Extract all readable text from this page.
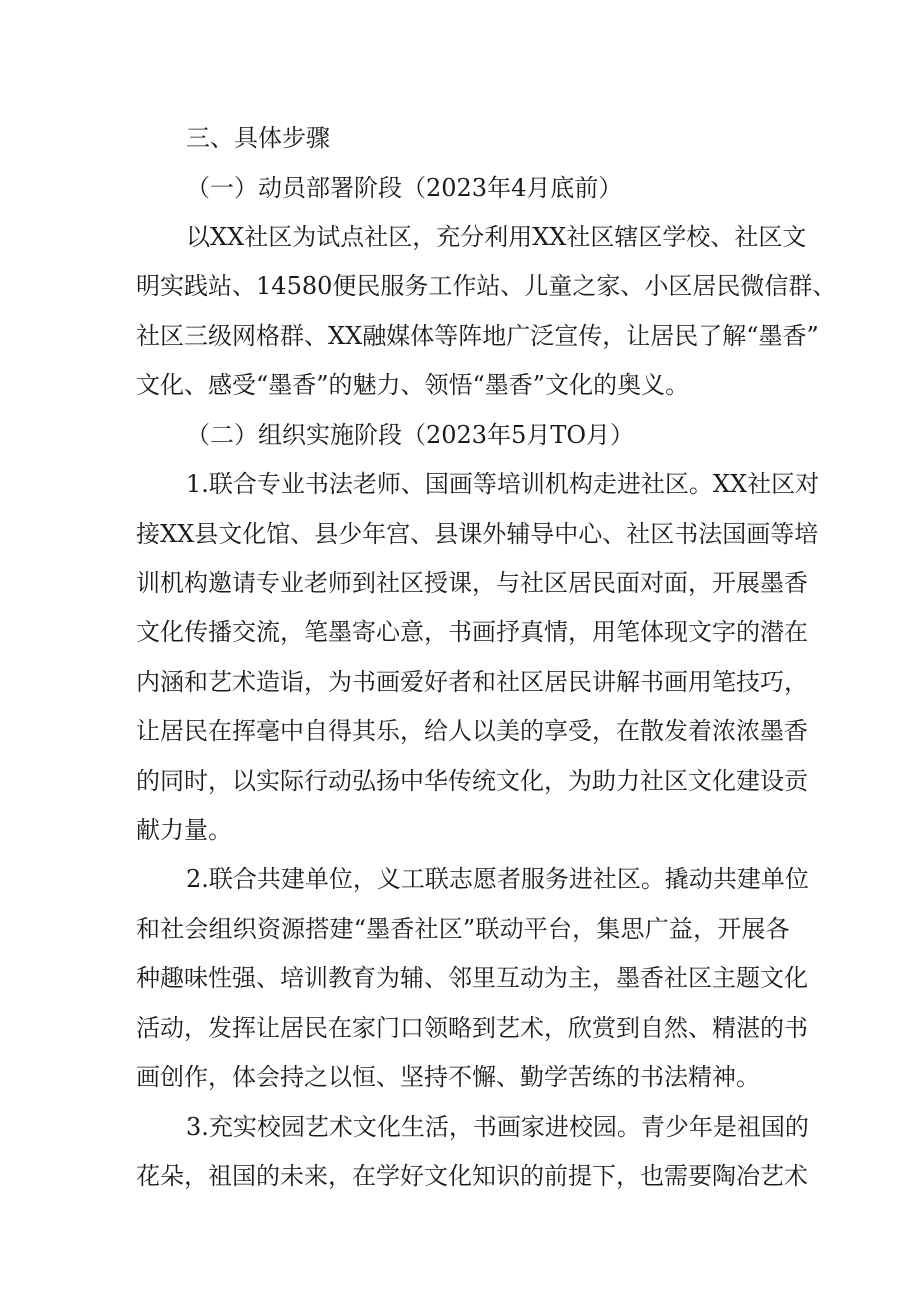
三、具体步骤
（一）动员部署阶段（2023年4月底前）
以 X X 社 区 为 试 点 社 区 ， 充 分 利 用 X X 社 区 辖 区 学 校 、 社 区 文
明 实 践 站 、 1 4 5 8 0 便 民 服 务 工 作 站 、 儿 童 之 家 、 小 区 居 民 微 信 群 、
社 区 三 级 网 格 群 、 X X 融 媒 体 等 阵 地 广 泛 宣 传 ， 让 居 民 了 解 “ 墨 香 ”
文化、感受“墨香”的魅力、领悟“墨香”文化的奥义。
（二）组织实施阶段（2023年5月TO月）
1 . 联 合 专 业 书 法 老 师 、 国 画 等 培 训 机 构 走 进 社 区 。 X X 社 区 对
接 X X 县 文 化 馆 、 县 少 年 宫 、 县 课 外 辅 导 中 心 、 社 区 书 法 国 画 等 培
训 机 构 邀 请 专 业 老 师 到 社 区 授 课 ， 与 社 区 居 民 面 对 面 ， 开 展 墨 香
文 化 传 播 交 流 ， 笔 墨 寄 心 意 ， 书 画 抒 真 情 ， 用 笔 体 现 文 字 的 潜 在
内 涵 和 艺 术 造 诣 ， 为 书 画 爱 好 者 和 社 区 居 民 讲 解 书 画 用 笔 技 巧 ，
让 居 民 在 挥 毫 中 自 得 其 乐 ， 给 人 以 美 的 享 受 ， 在 散 发 着 浓 浓 墨 香
的 同 时 ， 以 实 际 行 动 弘 扬 中 华 传 统 文 化 ， 为 助 力 社 区 文 化 建 设 贡
献力量。
2 . 联 合 共 建 单 位 ， 义 工 联 志 愿 者 服 务 进 社 区 。 撬 动 共 建 单 位
和 社 会 组 织 资 源 搭 建 “ 墨 香 社 区 ” 联 动 平 台 ， 集 思 广 益 ， 开 展 各
种 趣 味 性 强 、 培 训 教 育 为 辅 、 邻 里 互 动 为 主 ， 墨 香 社 区 主 题 文 化
活 动 ， 发 挥 让 居 民 在 家 门 口 领 略 到 艺 术 ， 欣 赏 到 自 然 、 精 湛 的 书
画创作，体会持之以恒、坚持不懈、勤学苦练的书法精神。
3 . 充 实 校 园 艺 术 文 化 生 活 ， 书 画 家 进 校 园 。 青 少 年 是 祖 国 的
花 朵 ， 祖 国 的 未 来 ， 在 学 好 文 化 知 识 的 前 提 下 ， 也 需 要 陶 冶 艺 术
